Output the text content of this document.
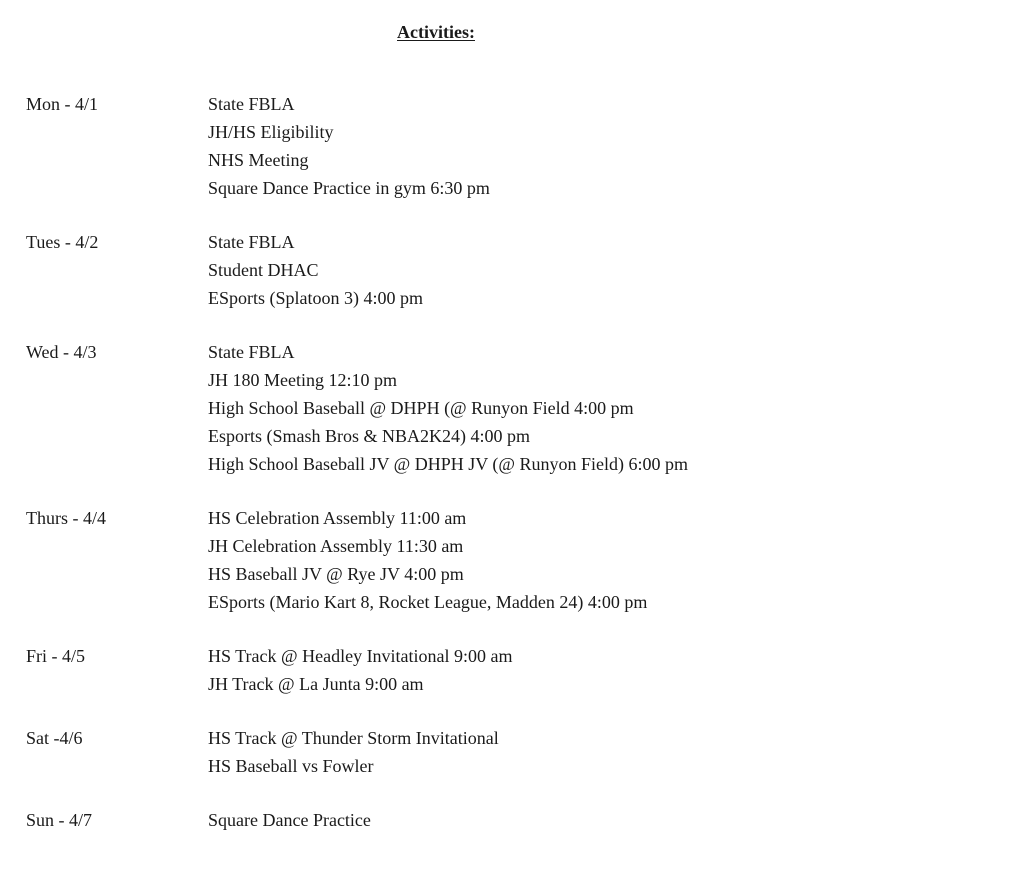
Activities:
Mon - 4/1	State FBLA
JH/HS Eligibility
NHS Meeting
Square Dance Practice in gym 6:30 pm
Tues - 4/2	State FBLA
Student DHAC
ESports (Splatoon 3) 4:00 pm
Wed - 4/3	State FBLA
JH 180 Meeting 12:10 pm
High School Baseball @ DHPH (@ Runyon Field 4:00 pm
Esports (Smash Bros & NBA2K24) 4:00 pm
High School Baseball JV @ DHPH JV (@ Runyon Field) 6:00 pm
Thurs - 4/4	HS Celebration Assembly 11:00 am
JH Celebration Assembly 11:30 am
HS Baseball JV @ Rye JV 4:00 pm
ESports (Mario Kart 8, Rocket League, Madden 24) 4:00 pm
Fri - 4/5	HS Track @ Headley Invitational 9:00 am
JH Track @ La Junta 9:00 am
Sat -4/6	HS Track @ Thunder Storm Invitational
HS Baseball vs Fowler
Sun - 4/7	Square Dance Practice
